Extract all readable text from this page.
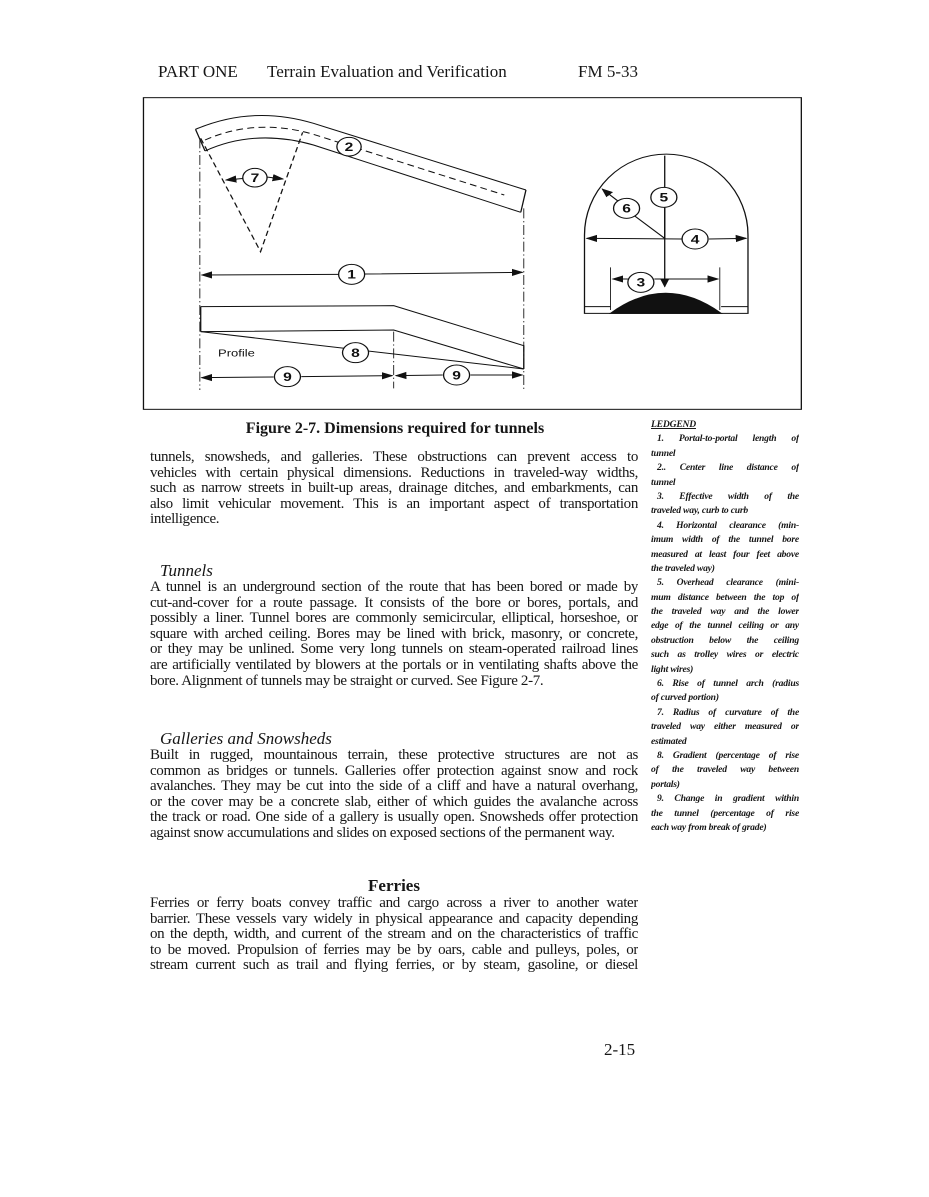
PART ONE Terrain Evaluation and Verification	FM 5-33
1
2
3
4
5
6
7
8
9	9
Profile
Figure 2-7. Dimensions required for tunnels	LEDGEND
1. Portal-to-portal length of
tunnel
2.. Center line distance of
tunnel
3. Effective width of the
traveled way, curb to curb
4. Horizontal clearance (min-
imum width of the tunnel bore
measured at least four feet above
the traveled way)
5. Overhead clearance (mini-
mum distance between the top of
the traveled way and the lower
edge of the tunnel ceiling or any
obstruction below the ceiling
such as trolley wires or electric
light wires)
6. Rise of tunnel arch (radius
of curved portion)
7. Radius of curvature of the
traveled way either measured or
estimated
8. Gradient (percentage of rise
of the traveled way between
portals)
9. Change in gradient within
the tunnel (percentage of rise
each way from break of grade)
tunnels, snowsheds, and galleries. These obstructions can prevent access to
vehicles with certain physical dimensions. Reductions in traveled-way widths,
such as narrow streets in built-up areas, drainage ditches, and embarkments, can
also limit vehicular movement. This is an important aspect of transportation
intelligence.
Tunnels
A tunnel is an underground section of the route that has been bored or made by
cut-and-cover for a route passage. It consists of the bore or bores, portals, and
possibly a liner. Tunnel bores are commonly semicircular, elliptical, horseshoe, or
square with arched ceiling. Bores may be lined with brick, masonry, or concrete,
or they may be unlined. Some very long tunnels on steam-operated railroad lines
are artificially ventilated by blowers at the portals or in ventilating shafts above the
bore. Alignment of tunnels may be straight or curved. See Figure 2-7.
Galleries and Snowsheds
Built in rugged, mountainous terrain, these protective structures are not as
common as bridges or tunnels. Galleries offer protection against snow and rock
avalanches. They may be cut into the side of a cliff and have a natural overhang,
or the cover may be a concrete slab, either of which guides the avalanche across
the track or road. One side of a gallery is usually open. Snowsheds offer protection
against snow accumulations and slides on exposed sections of the permanent way.
Ferries
Ferries or ferry boats convey traffic and cargo across a river to another water
barrier. These vessels vary widely in physical appearance and capacity depending
on the depth, width, and current of the stream and on the characteristics of traffic
to be moved. Propulsion of ferries may be by oars, cable and pulleys, poles, or
stream current such as trail and flying ferries, or by steam, gasoline, or diesel
2-15
